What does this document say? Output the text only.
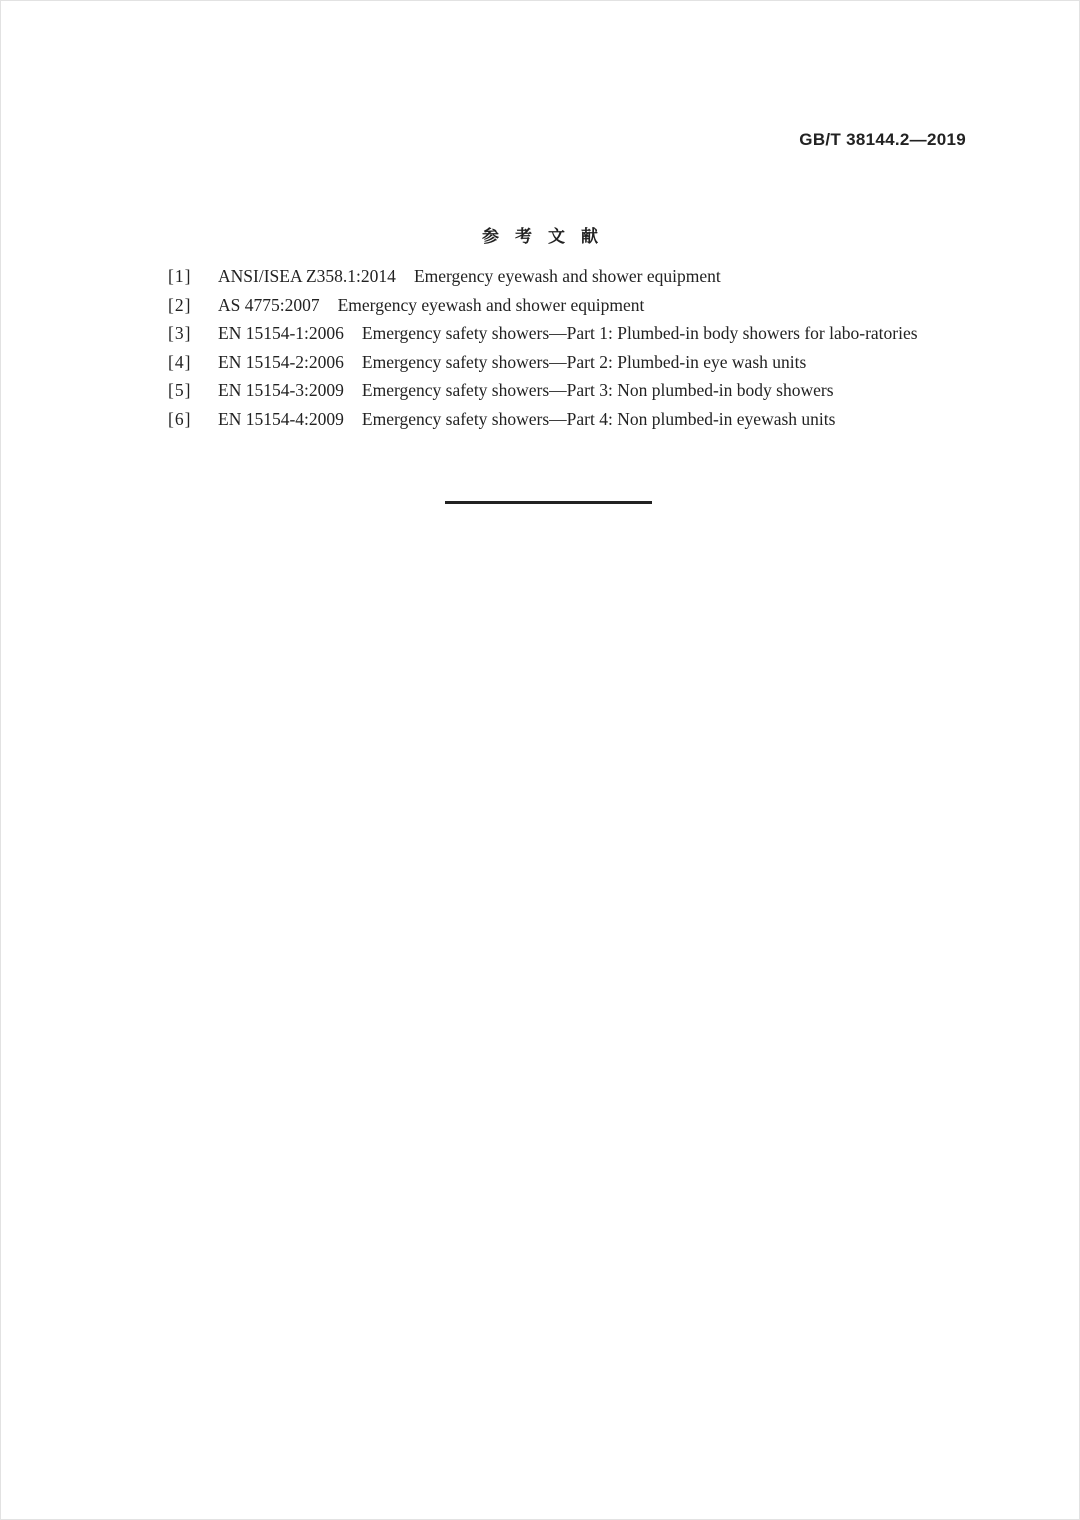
GB/T 38144.2—2019
参考文献
[1] ANSI/ISEA Z358.1:2014 Emergency eyewash and shower equipment
[2] AS 4775:2007 Emergency eyewash and shower equipment
[3] EN 15154-1:2006 Emergency safety showers—Part 1: Plumbed-in body showers for labo-ratories
[4] EN 15154-2:2006 Emergency safety showers—Part 2: Plumbed-in eye wash units
[5] EN 15154-3:2009 Emergency safety showers—Part 3: Non plumbed-in body showers
[6] EN 15154-4:2009 Emergency safety showers—Part 4: Non plumbed-in eyewash units
